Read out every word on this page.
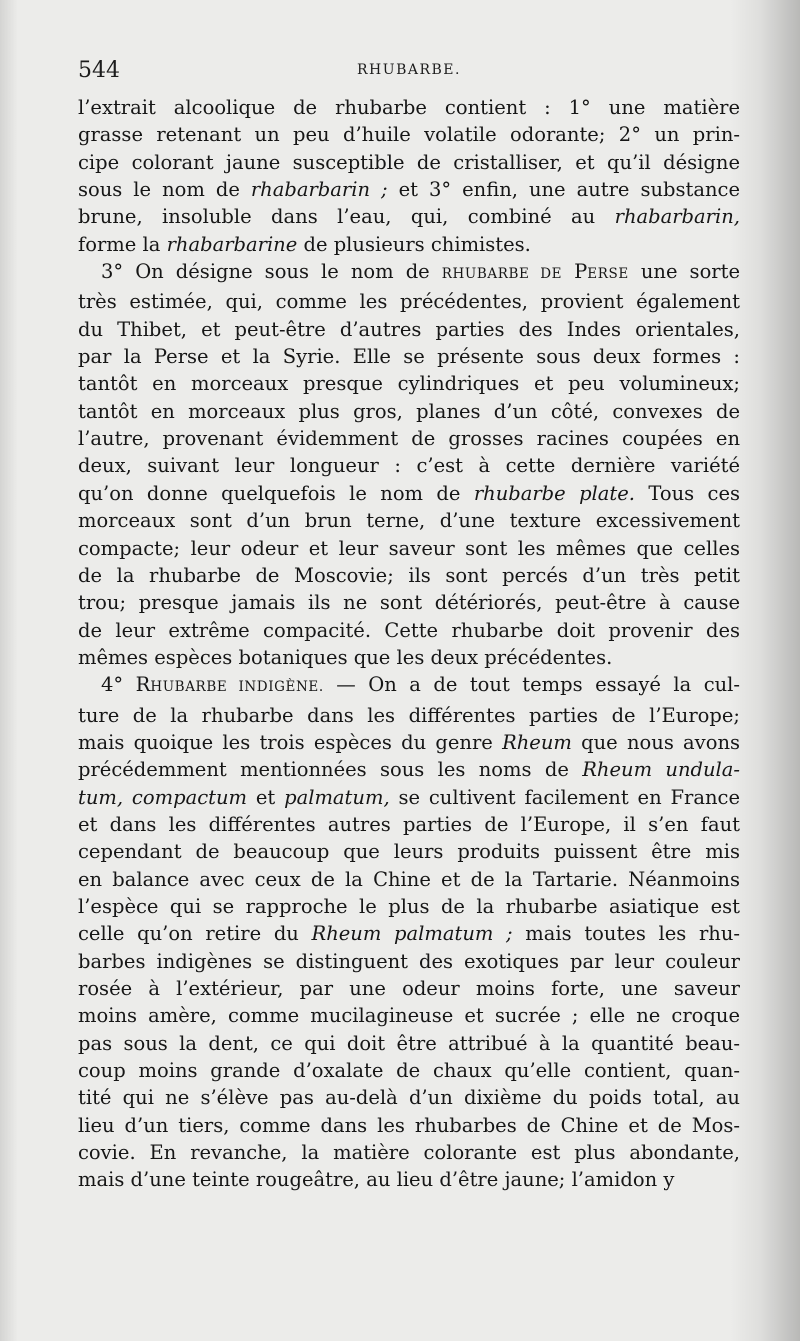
544	RHUBARBE.

l’extrait alcoolique de rhubarbe contient : 1° une matière

grasse retenant un peu d’huile volatile odorante; 2° un prin-

cipe colorant jaune susceptible de cristalliser, et qu’il désigne

sous le nom de rhabarbarin ; et 3° enfin, une autre substance

brune, insoluble dans l’eau, qui, combiné au rhabarbarin,

forme la rhabarbarine de plusieurs chimistes.

3° On désigne sous le nom de RHUBARBE DE PERSE une sorte

très estimée, qui, comme les précédentes, provient également

du Thibet, et peut-être d’autres parties des Indes orientales,

par la Perse et la Syrie. Elle se présente sous deux formes :

tantôt en morceaux presque cylindriques et peu volumineux;

tantôt en morceaux plus gros, planes d’un côté, convexes de

l’autre, provenant évidemment de grosses racines coupées en

deux, suivant leur longueur : c’est à cette dernière variété

qu’on donne quelquefois le nom de rhubarbe plate. Tous ces

morceaux sont d’un brun terne, d’une texture excessivement

compacte; leur odeur et leur saveur sont les mêmes que celles

de la rhubarbe de Moscovie; ils sont percés d’un très petit

trou; presque jamais ils ne sont détériorés, peut-être à cause

de leur extrême compacité. Cette rhubarbe doit provenir des

mêmes espèces botaniques que les deux précédentes.

4° RHUBARBE INDIGÈNE. — On a de tout temps essayé la cul-

ture de la rhubarbe dans les différentes parties de l’Europe;

mais quoique les trois espèces du genre Rheum que nous avons

précédemment mentionnées sous les noms de Rheum undula-

tum, compactum et palmatum, se cultivent facilement en France

et dans les différentes autres parties de l’Europe, il s’en faut

cependant de beaucoup que leurs produits puissent être mis

en balance avec ceux de la Chine et de la Tartarie. Néanmoins

l’espèce qui se rapproche le plus de la rhubarbe asiatique est

celle qu’on retire du Rheum palmatum ; mais toutes les rhu-

barbes indigènes se distinguent des exotiques par leur couleur

rosée à l’extérieur, par une odeur moins forte, une saveur

moins amère, comme mucilagineuse et sucrée ; elle ne croque

pas sous la dent, ce qui doit être attribué à la quantité beau-

coup moins grande d’oxalate de chaux qu’elle contient, quan-

tité qui ne s’élève pas au-delà d’un dixième du poids total, au

lieu d’un tiers, comme dans les rhubarbes de Chine et de Mos-

covie. En revanche, la matière colorante est plus abondante,

mais d’une teinte rougeâtre, au lieu d’être jaune; l’amidon y
